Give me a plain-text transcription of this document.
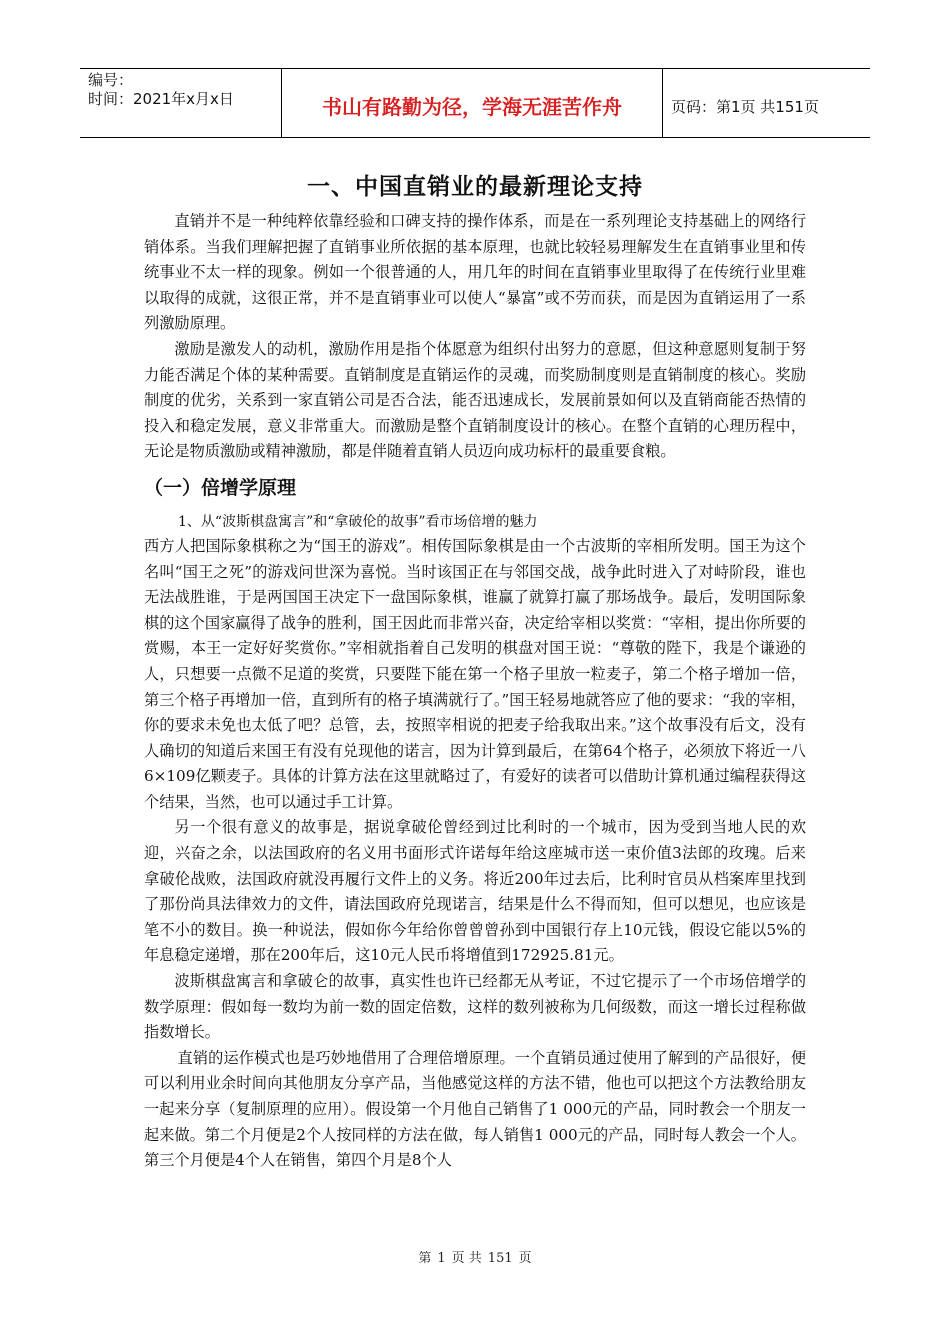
编号：
时间：2021年x月x日	书山有路勤为径，学海无涯苦作舟	页码：第1页 共151页
一、中国直销业的最新理论支持

直销并不是一种纯粹依靠经验和口碑支持的操作体系，而是在一系列理论支持基础上的网络行销体系。当我们理解把握了直销事业所依据的基本原理，也就比较轻易理解发生在直销事业里和传统事业不太一样的现象。例如一个很普通的人，用几年的时间在直销事业里取得了在传统行业里难以取得的成就，这很正常，并不是直销事业可以使人“暴富”或不劳而获，而是因为直销运用了一系列激励原理。

激励是激发人的动机，激励作用是指个体愿意为组织付出努力的意愿，但这种意愿则复制于努力能否满足个体的某种需要。直销制度是直销运作的灵魂，而奖励制度则是直销制度的核心。奖励制度的优劣，关系到一家直销公司是否合法，能否迅速成长，发展前景如何以及直销商能否热情的投入和稳定发展，意义非常重大。而激励是整个直销制度设计的核心。在整个直销的心理历程中，无论是物质激励或精神激励，都是伴随着直销人员迈向成功标杆的最重要食粮。

（一）倍增学原理
1、从“波斯棋盘寓言”和“拿破伦的故事”看市场倍增的魅力

西方人把国际象棋称之为“国王的游戏”。相传国际象棋是由一个古波斯的宰相所发明。国王为这个名叫“国王之死”的游戏问世深为喜悦。当时该国正在与邻国交战，战争此时进入了对峙阶段，谁也无法战胜谁，于是两国国王决定下一盘国际象棋，谁赢了就算打赢了那场战争。最后，发明国际象棋的这个国家赢得了战争的胜利，国王因此而非常兴奋，决定给宰相以奖赏：“宰相，提出你所要的赏赐，本王一定好好奖赏你。”宰相就指着自己发明的棋盘对国王说：“尊敬的陛下，我是个谦逊的人，只想要一点微不足道的奖赏，只要陛下能在第一个格子里放一粒麦子，第二个格子增加一倍，第三个格子再增加一倍，直到所有的格子填满就行了。”国王轻易地就答应了他的要求：“我的宰相，你的要求未免也太低了吧？总管，去，按照宰相说的把麦子给我取出来。”这个故事没有后文，没有人确切的知道后来国王有没有兑现他的诺言，因为计算到最后，在第64个格子，必须放下将近一八6×109亿颗麦子。具体的计算方法在这里就略过了，有爱好的读者可以借助计算机通过编程获得这个结果，当然，也可以通过手工计算。

另一个很有意义的故事是，据说拿破伦曾经到过比利时的一个城市，因为受到当地人民的欢迎，兴奋之余，以法国政府的名义用书面形式许诺每年给这座城市送一束价值3法郎的玫瑰。后来拿破伦战败，法国政府就没再履行文件上的义务。将近200年过去后，比利时官员从档案库里找到了那份尚具法律效力的文件，请法国政府兑现诺言，结果是什么不得而知，但可以想见，也应该是笔不小的数目。换一种说法，假如你今年给你曾曾曾孙到中国银行存上10元钱，假设它能以5%的年息稳定递增，那在200年后，这10元人民币将增值到172925.81元。

波斯棋盘寓言和拿破仑的故事，真实性也许已经都无从考证，不过它提示了一个市场倍增学的数学原理：假如每一数均为前一数的固定倍数，这样的数列被称为几何级数，而这一增长过程称做指数增长。

直销的运作模式也是巧妙地借用了合理倍增原理。一个直销员通过使用了解到的产品很好，便可以利用业余时间向其他朋友分享产品，当他感觉这样的方法不错，他也可以把这个方法教给朋友一起来分享（复制原理的应用）。假设第一个月他自己销售了1 000元的产品，同时教会一个朋友一起来做。第二个月便是2个人按同样的方法在做，每人销售1 000元的产品，同时每人教会一个人。第三个月便是4个人在销售，第四个月是8个人

第 1 页 共 151 页
